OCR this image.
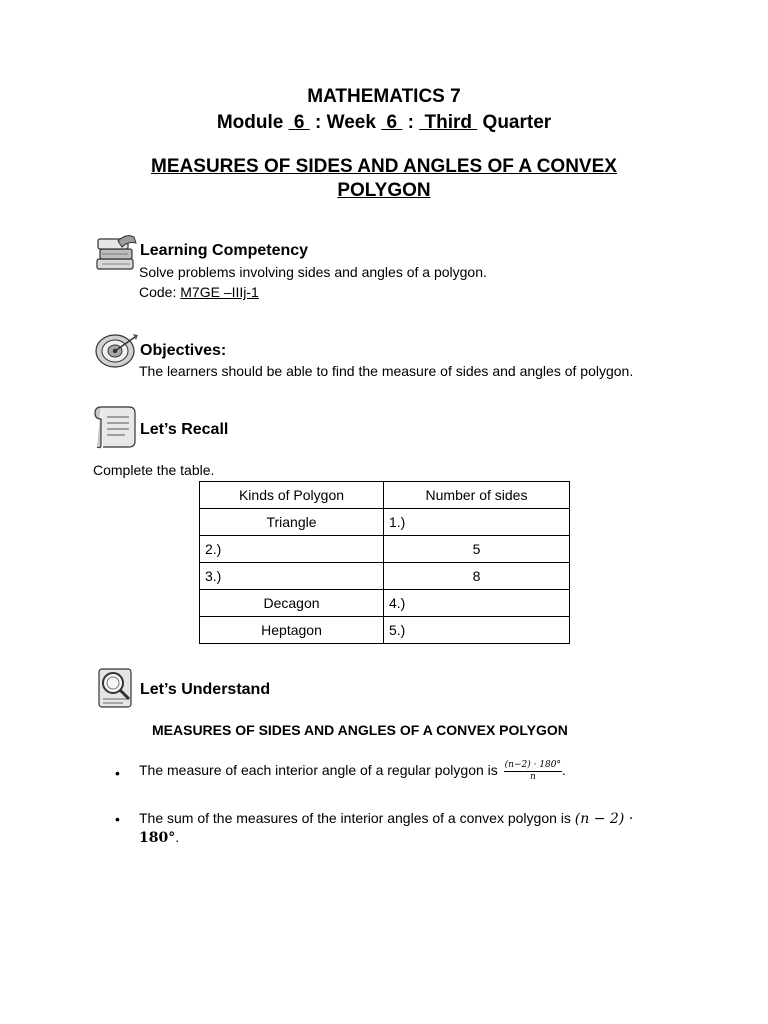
MATHEMATICS 7
Module  6  : Week  6  :  Third  Quarter
MEASURES OF SIDES AND ANGLES OF A CONVEX POLYGON
Learning Competency
Solve problems involving sides and angles of a polygon.
Code: M7GE –IIIj-1
Objectives:
The learners should be able to find the measure of sides and angles of polygon.
Let’s Recall
Complete the table.
Kinds of Polygon	Number of sides
Triangle	1.)
2.)	5
3.)	8
Decagon	4.)
Heptagon	5.)
Let’s Understand
MEASURES OF SIDES AND ANGLES OF A CONVEX POLYGON
• The measure of each interior angle of a regular polygon is $\frac{(n-2) \cdot 180^\circ}{n}$ .
• The sum of the measures of the interior angles of a convex polygon is (n − 2) ·
180°.
